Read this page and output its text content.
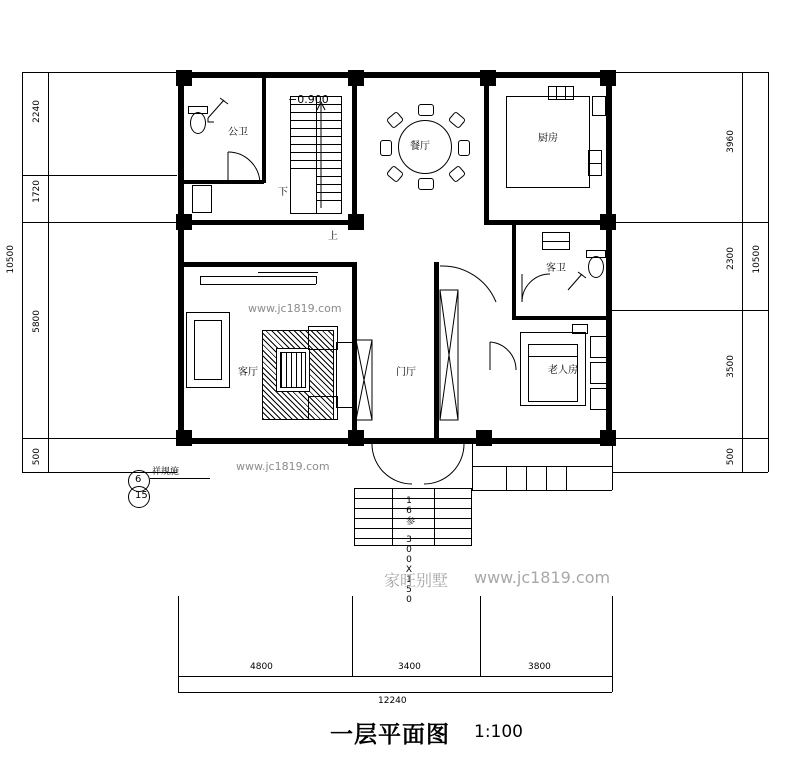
2240
1720
5800
500
10500
3960
2300
3500
500
10500
公卫
下
上
−0.900
餐厅
厨房
客卫
老人房
客厅	门厅
16参 300X150
6
15
祥规施
www.jc1819.com
www.jc1819.com
家旺别墅 www.jc1819.com
4800	3400	3800
12240
一层平面图 1:100
